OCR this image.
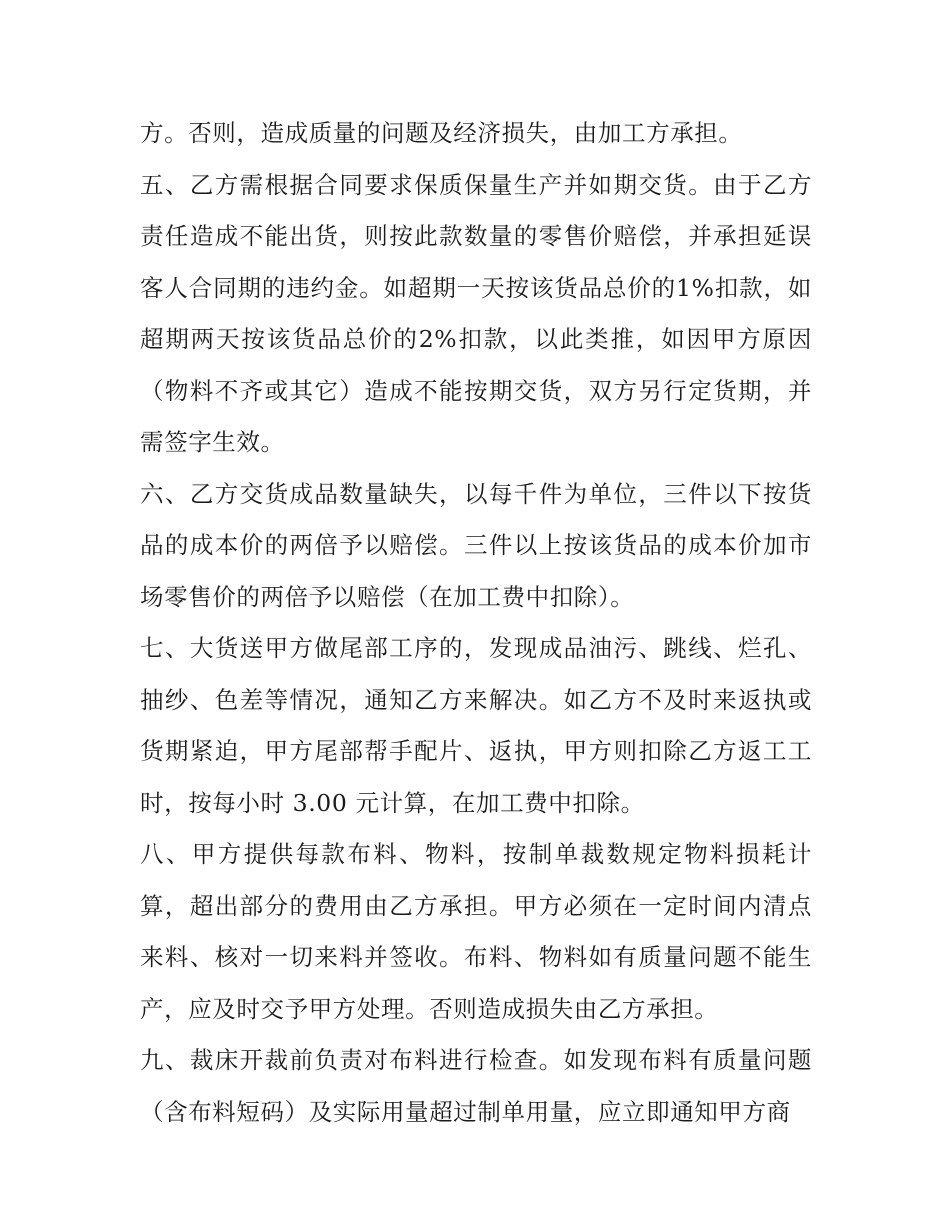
方。否则，造成质量的问题及经济损失，由加工方承担。

五、乙方需根据合同要求保质保量生产并如期交货。由于乙方责任造成不能出货，则按此款数量的零售价赔偿，并承担延误客人合同期的违约金。如超期一天按该货品总价的1%扣款，如超期两天按该货品总价的2%扣款，以此类推，如因甲方原因（物料不齐或其它）造成不能按期交货，双方另行定货期，并需签字生效。

六、乙方交货成品数量缺失，以每千件为单位，三件以下按货品的成本价的两倍予以赔偿。三件以上按该货品的成本价加市场零售价的两倍予以赔偿（在加工费中扣除）。

七、大货送甲方做尾部工序的，发现成品油污、跳线、烂孔、抽纱、色差等情况，通知乙方来解决。如乙方不及时来返执或货期紧迫，甲方尾部帮手配片、返执，甲方则扣除乙方返工工时，按每小时 3.00 元计算，在加工费中扣除。

八、甲方提供每款布料、物料，按制单裁数规定物料损耗计算，超出部分的费用由乙方承担。甲方必须在一定时间内清点来料、核对一切来料并签收。布料、物料如有质量问题不能生产，应及时交予甲方处理。否则造成损失由乙方承担。

九、裁床开裁前负责对布料进行检查。如发现布料有质量问题（含布料短码）及实际用量超过制单用量，应立即通知甲方商
